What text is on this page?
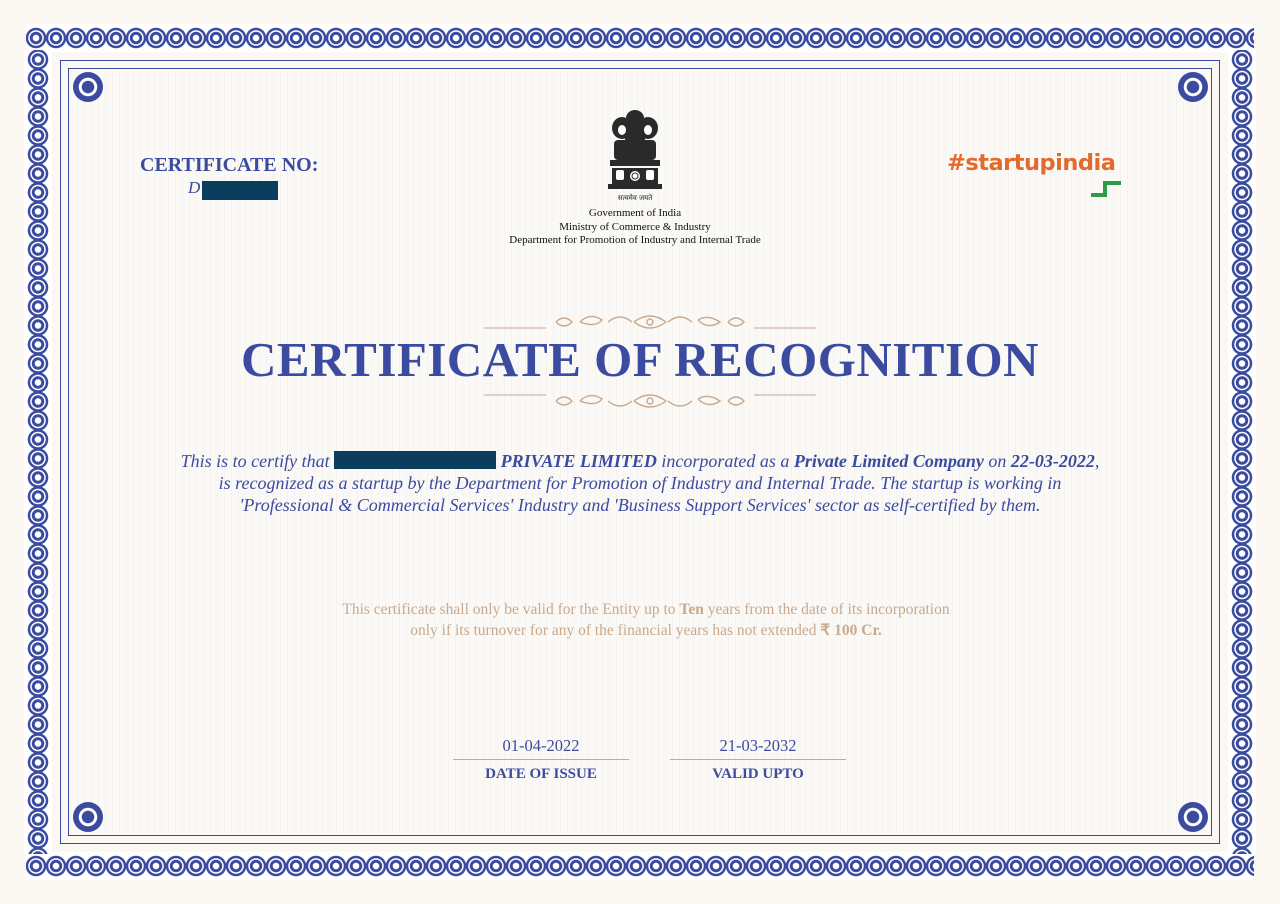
CERTIFICATE NO:
D
सत्यमेव जयते
Government of India
Ministry of Commerce & Industry
Department for Promotion of Industry and Internal Trade
#startupindia
CERTIFICATE OF RECOGNITION
This is to certify that	PRIVATE LIMITED incorporated as a Private Limited Company on 22-03-2022,
is recognized as a startup by the Department for Promotion of Industry and Internal Trade. The startup is working in
'Professional & Commercial Services' Industry and 'Business Support Services' sector as self-certified by them.
This certificate shall only be valid for the Entity up to Ten years from the date of its incorporation
only if its turnover for any of the financial years has not extended ₹ 100 Cr.
01-04-2022
DATE OF ISSUE
21-03-2032
VALID UPTO
